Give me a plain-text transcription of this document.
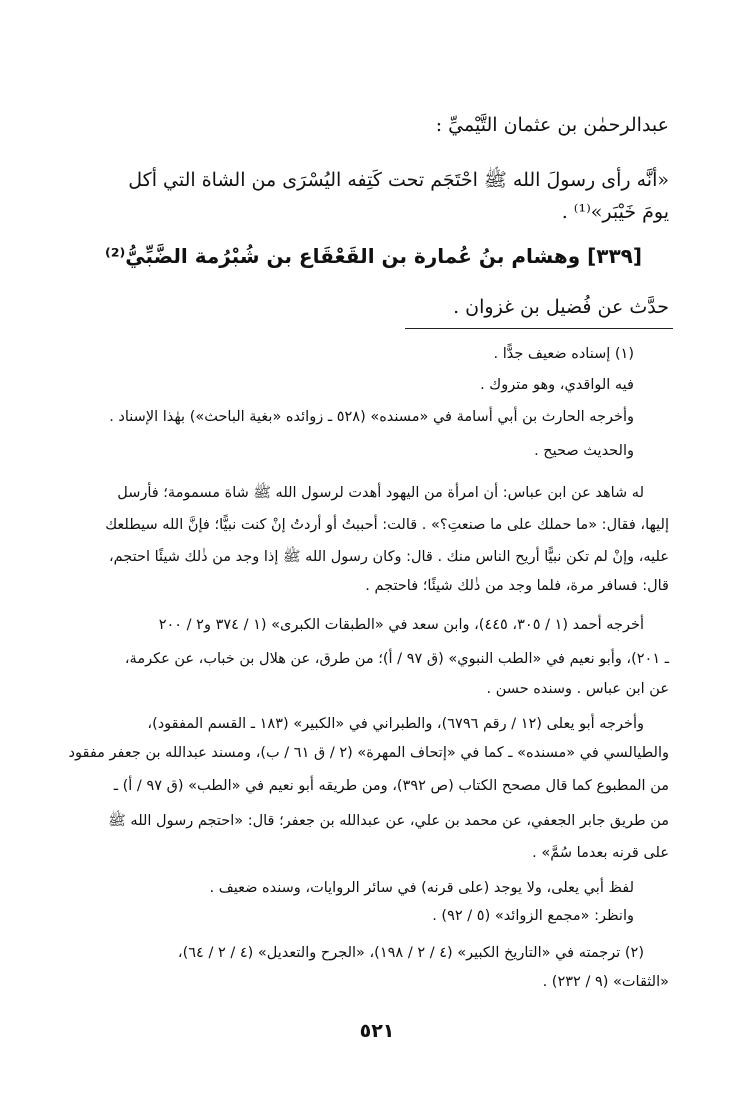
عبدالرحمٰن بن عثمان التَّيْميِّ :
«أنَّه رأى رسولَ الله ﷺ احْتَجَم تحت كَتِفه اليُسْرَى من الشاة التي أكل
يومَ خَيْبَر»⁽¹⁾ .
[٣٣٩] وهشام بنُ عُمارة بن القَعْقَاع بن شُبْرُمة الضَّبِّيُّ⁽²⁾
حدَّث عن فُضيل بن غزوان .
(١) إسناده ضعيف جدًّا .
فيه الواقدي، وهو متروك .
وأخرجه الحارث بن أبي أسامة في «مسنده» (٥٢٨ ـ زوائده «بغية الباحث») بهٰذا الإسناد .
والحديث صحيح .
له شاهد عن ابن عباس: أن امرأة من اليهود أهدت لرسول الله ﷺ شاة مسمومة؛ فأرسل
إليها، فقال: «ما حملك على ما صنعتِ؟» . قالت: أحببتُ أو أردتُ إنْ كنت نبيًّا؛ فإنَّ الله سيطلعك
عليه، وإنْ لم تكن نبيًّا أريح الناس منك . قال: وكان رسول الله ﷺ إذا وجد من ذٰلك شيئًا احتجم،
قال: فسافر مرة، فلما وجد من ذٰلك شيئًا؛ فاحتجم .
أخرجه أحمد (١ / ٣٠٥، ٤٤٥)، وابن سعد في «الطبقات الكبرى» (١ / ٣٧٤ و٢ / ٢٠٠
ـ ٢٠١)، وأبو نعيم في «الطب النبوي» (ق ٩٧ / أ)؛ من طرق، عن هلال بن خباب، عن عكرمة،
عن ابن عباس . وسنده حسن .
وأخرجه أبو يعلى (١٢ / رقم ٦٧٩٦)، والطبراني في «الكبير» (١٨٣ ـ القسم المفقود)،
والطيالسي في «مسنده» ـ كما في «إتحاف المهرة» (٢ / ق ٦١ / ب)، ومسند عبدالله بن جعفر مفقود
من المطبوع كما قال مصحح الكتاب (ص ٣٩٢)، ومن طريقه أبو نعيم في «الطب» (ق ٩٧ / أ) ـ
من طريق جابر الجعفي، عن محمد بن علي، عن عبدالله بن جعفر؛ قال: «احتجم رسول الله ﷺ
على قرنه بعدما سُمَّ» .
لفظ أبي يعلى، ولا يوجد (على قرنه) في سائر الروايات، وسنده ضعيف .
وانظر: «مجمع الزوائد» (٥ / ٩٢) .
(٢) ترجمته في «التاريخ الكبير» (٤ / ٢ / ١٩٨)، «الجرح والتعديل» (٤ / ٢ / ٦٤)،
«الثقات» (٩ / ٢٣٢) .
٥٢١
